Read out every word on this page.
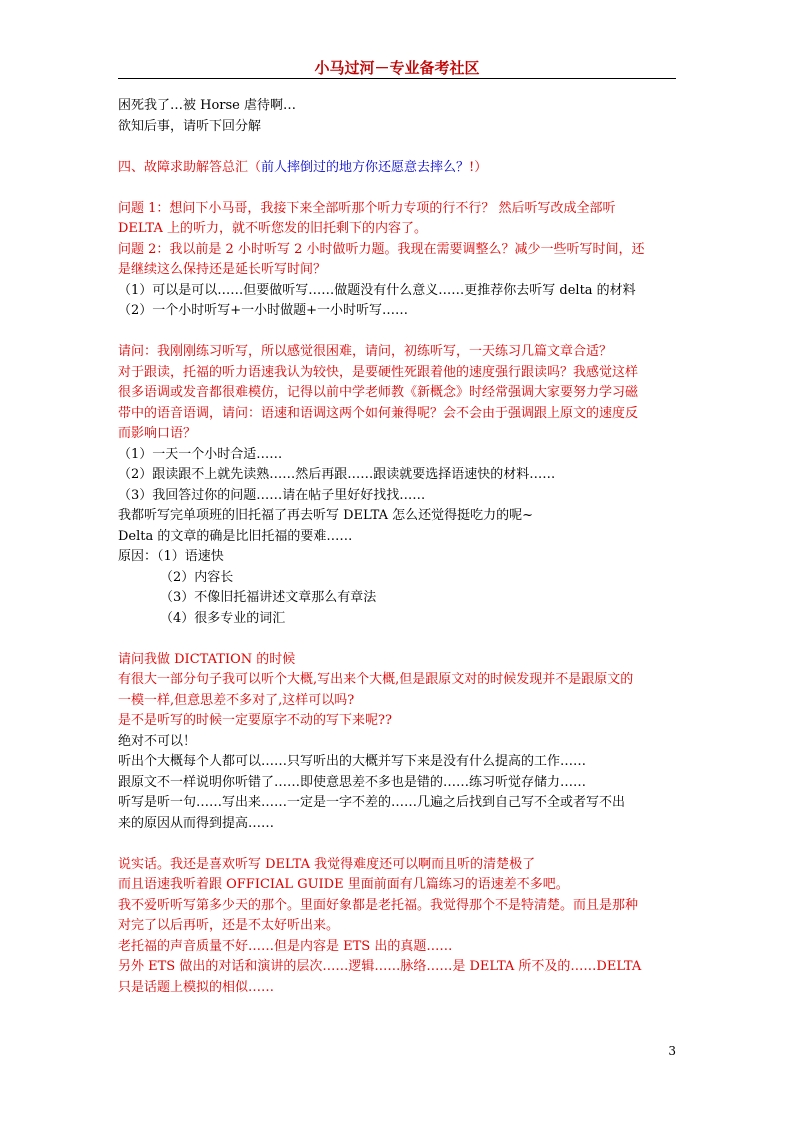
小马过河－专业备考社区
困死我了…被 Horse 虐待啊…
欲知后事，请听下回分解
四、故障求助解答总汇（前人摔倒过的地方你还愿意去摔么？!）
问题 1：想问下小马哥，我接下来全部听那个听力专项的行不行？ 然后听写改成全部听
DELTA 上的听力，就不听您发的旧托剩下的内容了。
问题 2：我以前是 2 小时听写 2 小时做听力题。我现在需要调整么？减少一些听写时间，还
是继续这么保持还是延长听写时间？
（1）可以是可以……但要做听写……做题没有什么意义……更推荐你去听写 delta 的材料
（2）一个小时听写+一小时做题+一小时听写……
请问：我刚刚练习听写，所以感觉很困难，请问，初练听写，一天练习几篇文章合适？
对于跟读，托福的听力语速我认为较快，是要硬性死跟着他的速度强行跟读吗？我感觉这样
很多语调或发音都很难模仿，记得以前中学老师教《新概念》时经常强调大家要努力学习磁
带中的语音语调，请问：语速和语调这两个如何兼得呢？会不会由于强调跟上原文的速度反
而影响口语？
（1）一天一个小时合适……
（2）跟读跟不上就先读熟……然后再跟……跟读就要选择语速快的材料……
（3）我回答过你的问题……请在帖子里好好找找……
我都听写完单项班的旧托福了再去听写 DELTA 怎么还觉得挺吃力的呢~
Delta 的文章的确是比旧托福的要难……
原因：（1）语速快
（2）内容长
（3）不像旧托福讲述文章那么有章法
（4）很多专业的词汇
请问我做 DICTATION 的时候
有很大一部分句子我可以听个大概,写出来个大概,但是跟原文对的时候发现并不是跟原文的
一模一样,但意思差不多对了,这样可以吗?
是不是听写的时候一定要原字不动的写下来呢??
绝对不可以！
听出个大概每个人都可以……只写听出的大概并写下来是没有什么提高的工作……
跟原文不一样说明你听错了……即使意思差不多也是错的……练习听觉存储力……
听写是听一句……写出来……一定是一字不差的……几遍之后找到自己写不全或者写不出
来的原因从而得到提高……
说实话。我还是喜欢听写 DELTA 我觉得难度还可以啊而且听的清楚极了
而且语速我听着跟 OFFICIAL GUIDE 里面前面有几篇练习的语速差不多吧。
我不爱听听写第多少天的那个。里面好象都是老托福。我觉得那个不是特清楚。而且是那种
对完了以后再听，还是不太好听出来。
老托福的声音质量不好……但是内容是 ETS 出的真题……
另外 ETS 做出的对话和演讲的层次……逻辑……脉络……是 DELTA 所不及的……DELTA
只是话题上模拟的相似……
3
